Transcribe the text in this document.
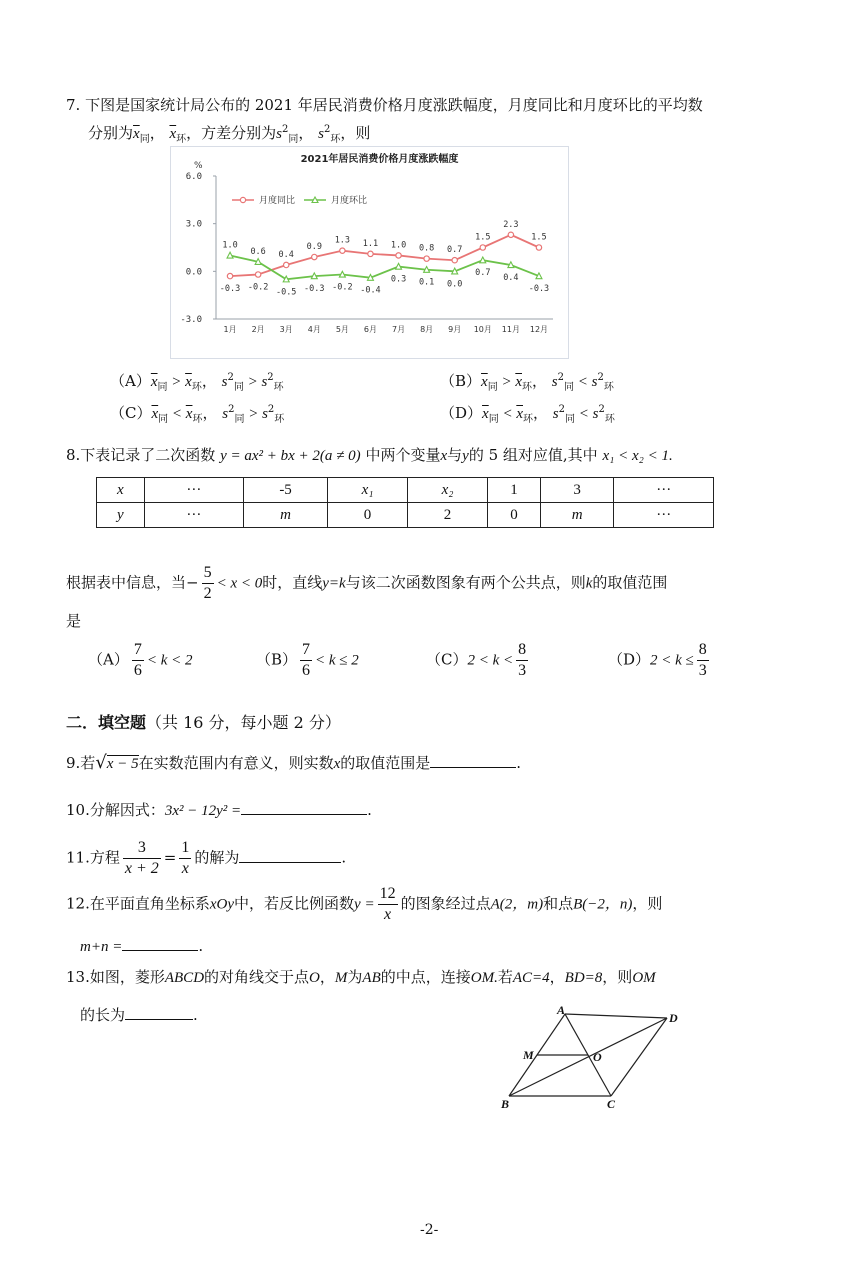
7. 下图是国家统计局公布的 2021 年居民消费价格月度涨跌幅度，月度同比和月度环比的平均数
分别为$\overline{x}_同$， $\overline{x}_环$，方差分别为$s^2_同$， $s^2_环$，则
2021年居民消费价格月度涨跌幅度
%
6.0
3.0
0.0
-3.0
1月 2月 3月 4月 5月 6月 7月 8月 9月 10月 11月 12月
月度同比	月度环比
-0.3 -0.2
0.4
0.9
1.3 1.1 1.0 0.8 0.7
1.5
2.3
1.5
1.0
0.6
-0.5 -0.3 -0.2 -0.4
0.3 0.1 0.0
0.7 0.4
-0.3
$(A)\overline{x}_同 > \overline{x}_环$， $s^2_同 > s^2_环$	$(B)\overline{x}_同 > \overline{x}_环$， $s^2_同 < s^2_环$
$(C)\overline{x}_同 < \overline{x}_环$， $s^2_同 > s^2_环$	$(D)\overline{x}_同 < \overline{x}_环$， $s^2_同 < s^2_环$
8.下表记录了二次函数 y = ax² + bx + 2(a ≠ 0) 中两个变量x与y的 5 组对应值,其中 x₁ < x₂ < 1.
x	···	-5	x₁	x₂	1	3	···
y	···	m	0	2	0	m	···
根据表中信息，当− $\frac{5}{2} < x < 0$时，直线y=k与该二次函数图象有两个公共点，则k的取值范围
是
$(A) \frac{7}{6} < k < 2$	$(B) \frac{7}{6} < k \le 2$	$(C)2 < k < \frac{8}{3}$	$(D)2 < k \le \frac{8}{3}$
二．填空题（共 16 分，每小题 2 分）
9.若√x − 5在实数范围内有意义，则实数x的取值范围是	.
10.分解因式：3x² − 12y² =	.
11.方程 $\frac{3}{x + 2} = \frac{1}{x}$ 的解为	.
12.在平面直角坐标系xOy中，若反比例函数$y = \frac{12}{x}$ 的图象经过点A(2，m)和点B(−2，n)，则
m+n =	.
13.如图，菱形ABCD的对角线交于点O，M为AB的中点，连接OM.若AC=4，BD=8，则OM
的长为	.	A
D
M	O
B	C
-2-
